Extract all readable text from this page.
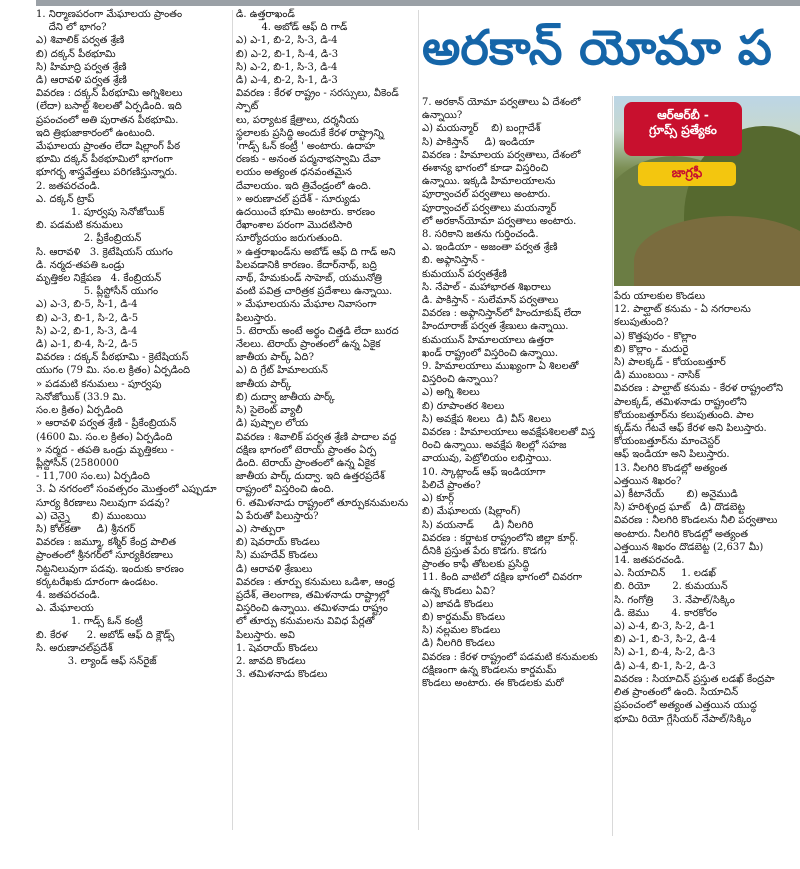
1. నిర్మాణపరంగా మేఘాలయ ప్రాంతం
దేని లో భాగం?
ఎ) శివాలిక్ పర్వత శ్రేణి
బి) దక్కన్ పీఠభూమి
సి) హిమాద్రి పర్వత శ్రేణి
డి) ఆరావళి పర్వత శ్రేణి
వివరణ : దక్కన్ పీఠభూమి అగ్నిశిలలు
(లేదా) బసాల్ట్ శిలలతో ఏర్పడింది. ఇది
ప్రపంచంలో అతి పురాతన పీఠభూమి.
ఇది త్రిభుజాకారంలో ఉంటుంది.
మేఘాలయ ప్రాంతం లేదా షిల్లాంగ్ పీఠ
భూమి దక్కన్ పీఠభూమిలో భాగంగా
భూగర్భ శాస్త్రవేత్తలు పరిగణిస్తున్నారు.
2. జతపరచండి.
ఎ. దక్కన్ ట్రాప్
1. పూర్వపు సెనోజోయిక్
బి. పడమటి కనుమలు
2. ప్రీకేంబ్రియన్
సి. ఆరావళి   3. క్రెటేషియస్ యుగం
డి. నర్మద-తపతి ఒండ్రు
మృత్తికల నిక్షేపణ   4. కేంబ్రియన్
5. ప్లీస్టోసీన్ యుగం
ఎ) ఎ-3, బి-5, సి-1, డి-4
బి) ఎ-3, బి-1, సి-2, డి-5
సి) ఎ-2, బి-1, సి-3, డి-4
డి) ఎ-1, బి-4, సి-2, డి-5
వివరణ : దక్కన్ పీఠభూమి - క్రెటేషియస్
యుగం (79 మి. సం.ల క్రితం) ఏర్పడింది
» పడమటి కనుమలు - పూర్వపు
సెనోజోయిక్ (33.9 మి.
సం.ల క్రితం) ఏర్పడింది
» ఆరావళి పర్వత శ్రేణి - ప్రీకేంబ్రియన్
(4600 మి. సం.ల క్రితం) ఏర్పడింది
» నర్మద - తపతి ఒండ్రు మృత్తికలు -
ప్లీస్టోసీన్ (2580000
- 11,700 సం.లు) ఏర్పడింది
3. ఏ నగరంలో సంవత్సరం మొత్తంలో ఎప్పుడూ
సూర్య కిరణాలు నిలువుగా పడవు?
ఎ) చెన్నై       బి) ముంబయి
సి) కోల్‌కతా     డి) శ్రీనగర్
వివరణ : జమ్మూ, కశ్మీర్ కేంద్ర పాలిత
ప్రాంతంలో శ్రీనగర్‌లో సూర్యకిరణాలు
నిట్టనిలువుగా పడవు. ఇందుకు కారణం
కర్కటరేఖకు దూరంగా ఉండటం.
4. జతపరచండి.
ఎ. మేఘాలయ
1. గాడ్స్ ఓన్ కంట్రీ
బి. కేరళ      2. అబోడ్ ఆఫ్ ది క్లౌడ్స్
సి. అరుణాచల్‌ప్రదేశ్
3. ల్యాండ్ ఆఫ్ సన్‌రైజ్
డి. ఉత్తరాఖండ్
4. అబోడ్ ఆఫ్ ది గాడ్
ఎ) ఎ-1, బి-2, సి-3, డి-4
బి) ఎ-2, బి-1, సి-4, డి-3
సి) ఎ-2, బి-1, సి-3, డి-4
డి) ఎ-4, బి-2, సి-1, డి-3
వివరణ : కేరళ రాష్ట్రం - సరస్సులు, వీకెండ్ స్పాట్
లు, పర్యాటక క్షేత్రాలు, దర్శనీయ
స్థలాలకు ప్రసిద్ధి అందుకే కేరళ రాష్ట్రాన్ని
'గాడ్స్ ఓన్ కంట్రీ ' అంటారు. ఉదాహ
రణకు - అనంత పద్మనాభస్వామి దేవా
లయం అత్యంత ధనవంతమైన
దేవాలయం. ఇది త్రివేండ్రంలో ఉంది.
» అరుణాచల్ ప్రదేశ్ - సూర్యుడు
ఉదయించే భూమి అంటారు. కారణం
రేఖాంశాల పరంగా మొదటిసారి
సూర్యోదయం జరుగుతుంది.
» ఉత్తరాఖండ్‌ను అబోడ్ ఆఫ్ ది గాడ్ అని
పిలవడానికి కారణం. కేదార్‌నాథ్, బద్రి
నాథ్, హేమకుండ్ సాహెబ్, యమునోత్రి
వంటి పవిత్ర చారిత్రక ప్రదేశాలు ఉన్నాయి.
» మేఘాలయను మేఘాల నివాసంగా
పిలుస్తారు.
5. టెరాయ్ అంటే అర్థం చిత్తడి లేదా బురద
నేలలు. టెరాయ్ ప్రాంతంలో ఉన్న ఏకైక
జాతీయ పార్క్ ఏది?
ఎ) ది గ్రేట్ హిమాలయన్
జాతీయ పార్క్
బి) దుద్వా జాతీయ పార్క్
సి) సైలెంట్ వ్యాలీ
డి) పుష్పాల లోయ
వివరణ : శివాలిక్ పర్వత శ్రేణి పాదాల వద్ద
దక్షిణ భాగంలో టెరాయ్ ప్రాంతం ఏర్ప
డింది. టెరాయ్ ప్రాంతంలో ఉన్న ఏకైక
జాతీయ పార్క్ దుద్వా. ఇది ఉత్తరప్రదేశ్
రాష్ట్రంలో విస్తరించి ఉంది.
6. తమిళనాడు రాష్ట్రంలో తూర్పుకనుమలను
ఏ పేరుతో పిలుస్తారు?
ఎ) సాత్పురా
బి) షెవరాయ్ కొండలు
సి) మహదేవ్ కొండలు
డి) ఆరావళి శ్రేణులు
వివరణ : తూర్పు కనుమలు ఒడిశా, ఆంధ్ర
ప్రదేశ్, తెలంగాణ, తమిళనాడు రాష్ట్రాల్లో
విస్తరించి ఉన్నాయి. తమిళనాడు రాష్ట్రం
లో తూర్పు కనుమలను వివిధ పేర్లతో
పిలుస్తారు. అవి
1. షెవరాయ్ కొండలు
2. జావది కొండలు
3. తమిళనాడు కొండలు
అరకాన్ యోమా ప
7. అరకాన్ యోమా పర్వతాలు ఏ దేశంలో
ఉన్నాయి?
ఎ) మయన్మార్    బి) బంగ్లాదేశ్
సి) పాకిస్తాన్     డి) ఇండియా
వివరణ : హిమాలయ పర్వతాలు, దేశంలో
ఈశాన్య భాగంలో కూడా విస్తరించి
ఉన్నాయి. ఇక్కడి హిమాలయాలను
పూర్వాంచల్ పర్వతాలు అంటారు.
పూర్వాంచల్ పర్వతాలు మయన్మార్
లో అరకాన్‌యోమా పర్వతాలు అంటారు.
8. సరికాని జతను గుర్తించండి.
ఎ. ఇండియా - అజంతా పర్వత శ్రేణి
బి. అఫ్గానిస్తాన్ -
కుమయున్ పర్వతశ్రేణి
సి. నేపాల్ - మహాభారత శిఖరాలు
డి. పాకిస్తాన్ - సులేమాన్ పర్వతాలు
వివరణ : అఫ్గానిస్తాన్‌లో హిందూకుష్ లేదా
హిందూరాజ్ పర్వత శ్రేణులు ఉన్నాయి.
కుమయున్ హిమాలయాలు ఉత్తరా
ఖండ్ రాష్ట్రంలో విస్తరించి ఉన్నాయి.
9. హిమాలయాలు ముఖ్యంగా ఏ శిలలతో
విస్తరించి ఉన్నాయి?
ఎ) అగ్ని శిలలు
బి) రూపాంతర శిలలు
సి) అవక్షేప శిలలు  డి) వీస్ శిలలు
వివరణ : హిమాలయాలు అవక్షేపశిలలతో విస్త
రించి ఉన్నాయి. అవక్షేప శిలల్లో సహజ
వాయువు, పెట్రోలియం లభిస్తాయి.
10. స్కాట్లాండ్ ఆఫ్ ఇండియాగా
పిలిచే ప్రాంతం?
ఎ) కూర్గ్
బి) మేఘాలయ (షిల్లాంగ్)
సి) వయనాడ్      డి) నీలగిరి
వివరణ : కర్ణాటక రాష్ట్రంలోని జిల్లా కూర్గ్.
దీనికి ప్రస్తుత పేరు కొడగు. కొడగు
ప్రాంతం కాఫీ తోటలకు ప్రసిద్ధి
11. కింది వాటిలో దక్షిణ భాగంలో చివరగా
ఉన్న కొండలు ఏవి?
ఎ) జావడి కొండలు
బి) కార్డమమ్ కొండలు
సి) నల్లమల కొండలు
డి) నీలగిరి కొండలు
వివరణ : కేరళ రాష్ట్రంలో పడమటి కనుమలకు
దక్షిణంగా ఉన్న కొండలను కార్డమమ్
కొండలు అంటారు. ఈ కొండలకు మరో
ఆర్ఆర్‌బీ -
గ్రూప్స్ ప్రత్యేకం
జాగ్రఫీ
పేరు యాలకుల కొండలు
12. పాల్ఘాట్ కనుమ - ఏ నగరాలను
కలుపుతుంది?
ఎ) కొత్తపురం - కొల్లాం
బి) కొల్లాం - మదురై
సి) పాలక్కడ్ - కోయంబత్తూర్
డి) ముంబయి - నాసిక్
వివరణ : పాల్ఘాట్ కనుమ - కేరళ రాష్ట్రంలోని
పాలక్కడ్, తమిళనాడు రాష్ట్రంలోని
కోయంబత్తూర్‌ను కలుపుతుంది. పాల
క్కడ్‌ను గేటవే ఆఫ్ కేరళ అని పిలుస్తారు.
కోయంబత్తూర్‌ను మాంచెస్టర్
ఆఫ్ ఇండియా అని పిలుస్తారు.
13. నీలగిరి కొండల్లో అత్యంత
ఎత్తయిన శిఖరం?
ఎ) కీటానేయ్       బి) అనైముడి
సి) హరిశ్చంద్ర ఘాట్   డి) దొడబెట్ట
వివరణ : నీలగిరి కొండలను నీలి పర్వతాలు
అంటారు. నీలగిరి కొండల్లో అత్యంత
ఎత్తయిన శిఖరం దొడబెట్ట (2,637 మీ)
14. జతపరచండి.
ఎ. సియాచిన్     1. లడఖ్
బి. రియో       2. కుమయున్
సి. గంగోత్రి      3. నేపాల్/సిక్కిం
డి. జెము       4. కారకోరం
ఎ) ఎ-4, బి-3, సి-2, డి-1
బి) ఎ-1, బి-3, సి-2, డి-4
సి) ఎ-1, బి-4, సి-2, డి-3
డి) ఎ-4, బి-1, సి-2, డి-3
వివరణ : సియాచిన్ ప్రస్తుత లడఖ్ కేంద్రపా
లిత ప్రాంతంలో ఉంది. సియాచిన్
ప్రపంచంలో అత్యంత ఎత్తయిన యుద్ధ
భూమి రియో గ్లేసియర్ నేపాల్/సిక్కిం
